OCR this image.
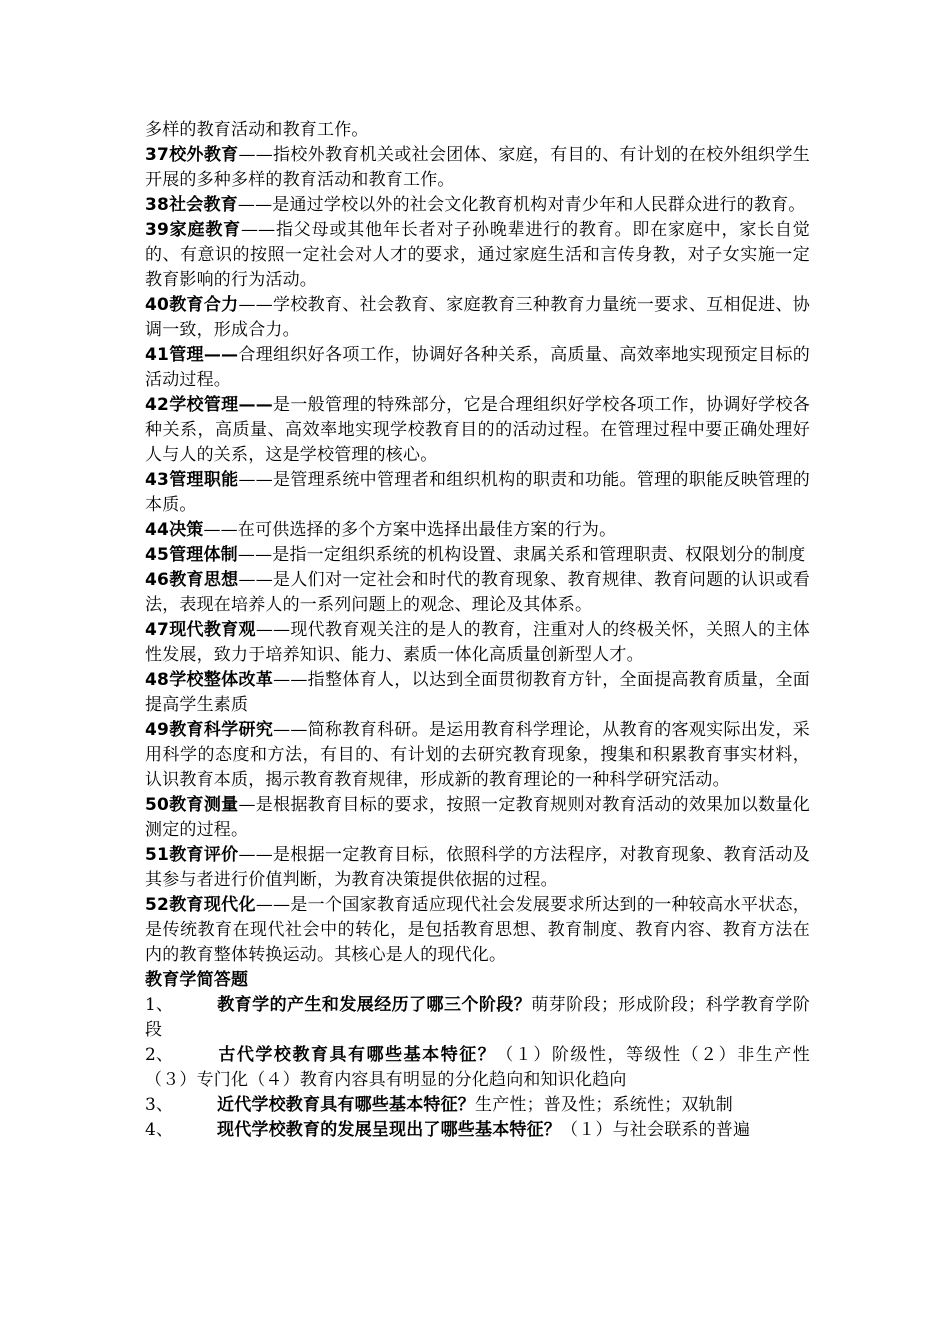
多样的教育活动和教育工作。

37校外教育——指校外教育机关或社会团体、家庭，有目的、有计划的在校外组织学生开展的多种多样的教育活动和教育工作。

38社会教育——是通过学校以外的社会文化教育机构对青少年和人民群众进行的教育。

39家庭教育——指父母或其他年长者对子孙晚辈进行的教育。即在家庭中，家长自觉的、有意识的按照一定社会对人才的要求，通过家庭生活和言传身教，对子女实施一定教育影响的行为活动。

40教育合力——学校教育、社会教育、家庭教育三种教育力量统一要求、互相促进、协调一致，形成合力。

41管理——合理组织好各项工作，协调好各种关系，高质量、高效率地实现预定目标的活动过程。

42学校管理——是一般管理的特殊部分，它是合理组织好学校各项工作，协调好学校各种关系，高质量、高效率地实现学校教育目的的活动过程。在管理过程中要正确处理好人与人的关系，这是学校管理的核心。

43管理职能——是管理系统中管理者和组织机构的职责和功能。管理的职能反映管理的本质。

44决策——在可供选择的多个方案中选择出最佳方案的行为。

45管理体制——是指一定组织系统的机构设置、隶属关系和管理职责、权限划分的制度

46教育思想——是人们对一定社会和时代的教育现象、教育规律、教育问题的认识或看法，表现在培养人的一系列问题上的观念、理论及其体系。

47现代教育观——现代教育观关注的是人的教育，注重对人的终极关怀，关照人的主体性发展，致力于培养知识、能力、素质一体化高质量创新型人才。

48学校整体改革——指整体育人，以达到全面贯彻教育方针，全面提高教育质量，全面提高学生素质

49教育科学研究——简称教育科研。是运用教育科学理论，从教育的客观实际出发，采用科学的态度和方法，有目的、有计划的去研究教育现象，搜集和积累教育事实材料，认识教育本质，揭示教育教育规律，形成新的教育理论的一种科学研究活动。

50教育测量—是根据教育目标的要求，按照一定教育规则对教育活动的效果加以数量化测定的过程。

51教育评价——是根据一定教育目标，依照科学的方法程序，对教育现象、教育活动及其参与者进行价值判断，为教育决策提供依据的过程。

52教育现代化——是一个国家教育适应现代社会发展要求所达到的一种较高水平状态，是传统教育在现代社会中的转化，是包括教育思想、教育制度、教育内容、教育方法在内的教育整体转换运动。其核心是人的现代化。

教育学简答题

1、	教育学的产生和发展经历了哪三个阶段？萌芽阶段；形成阶段；科学教育学阶段

2、	古代学校教育具有哪些基本特征？（１）阶级性，等级性（２）非生产性（３）专门化（４）教育内容具有明显的分化趋向和知识化趋向

3、	近代学校教育具有哪些基本特征？生产性；普及性；系统性；双轨制

4、	现代学校教育的发展呈现出了哪些基本特征？（１）与社会联系的普遍
